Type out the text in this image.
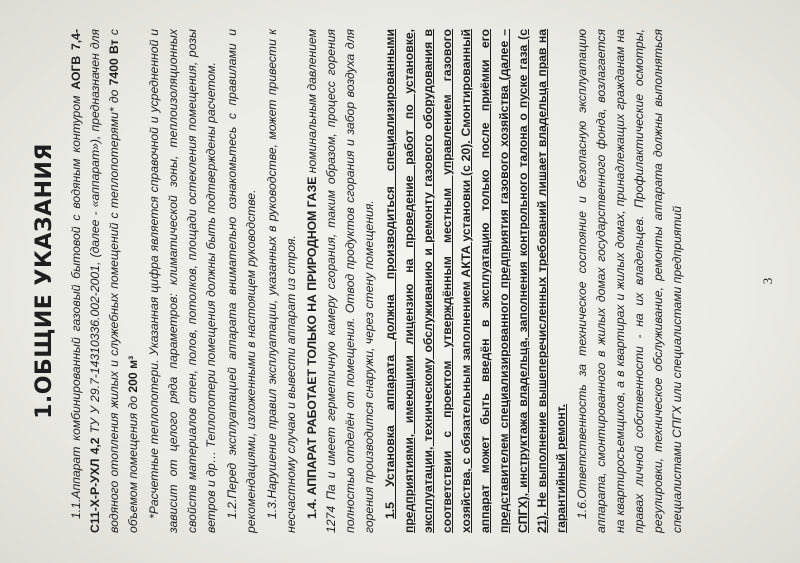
1.ОБЩИЕ УКАЗАНИЯ 1.1.Аппарат комбинированный газовый бытовой с водяным контуром АОГВ 7,4-С11-Х-Р-УХЛ 4,2 ТУ У 29.7-14310336.002-2001, (далее - «аппарат»), предназначен для водяного отопления жилых и служебных помещений с теплопотерями* до 7400 Вт с объемом помещения до 200 м³ *Расчетные теплопотери. Указанная цифра является справочной и усредненной и зависит от целого ряда параметров: климатической зоны, теплоизоляционных свойств материалов стен, полов, потолков, площади остекления помещения, розы ветров и др… Теплопотери помещения должны быть подтверждены расчетом. 1.2.Перед эксплуатацией аппарата внимательно ознакомьтесь с правилами и рекомендациями, изложенными в настоящем руководстве. 1.3.Нарушение правил эксплуатации, указанных в руководстве, может привести к несчастному случаю и вывести аппарат из строя. 1.4. АППАРАТ РАБОТАЕТ ТОЛЬКО НА ПРИРОДНОМ ГАЗЕ номинальным давлением 1274 Па и имеет герметичную камеру сгорания, таким образом, процесс горения полностью отделён от помещения. Отвод продуктов сгорания и забор воздуха для горения производится снаружи, через стену помещения. 1.5 Установка аппарата должна производиться специализированными предприятиями, имеющими лицензию на проведение работ по установке, эксплуатации, техническому обслуживанию и ремонту газового оборудования в соответствии с проектом утверждённым местным управлением газового хозяйства, с обязательным заполнением АКТА установки (с 20). Смонтированный аппарат может быть введён в эксплуатацию только после приёмки его представителем специализированного предприятия газового хозяйства (далее – СПГХ), инструктажа владельца, заполнения контрольного талона о пуске газа (с 21). Не выполнение вышеперечисленных требований лишает владельца прав на гарантийный ремонт. 1.6.Ответственность за техническое состояние и безопасную эксплуатацию аппарата, смонтированного в жилых домах государственного фонда, возлагается на квартиросъемщиков, а в квартирах и жилых домах, принадлежащих гражданам на правах личной собственности - на их владельцев. Профилактические осмотры, регулировки, техническое обслуживание, ремонты аппарата должны выполняться специалистами СПГХ или специалистами предприятий	3
